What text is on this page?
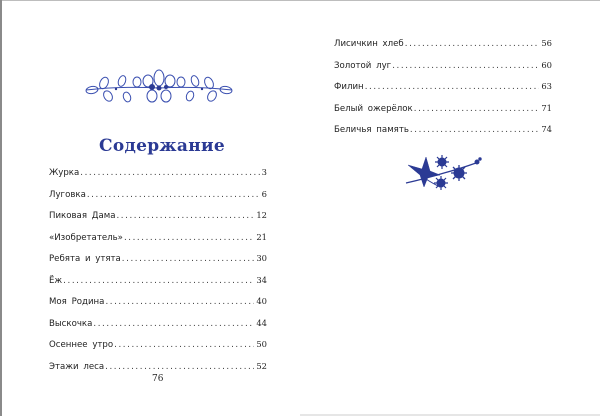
Содержание
Журка .....	3
Луговка .....	6
Пиковая Дама .....	12
«Изобретатель» .....	21
Ребята и утята .....	30
Ёж .....	34
Моя Родина .....	40
Выскочка .....	44
Осеннее утро .....	50
Этажи леса .....	52
76
Лисичкин хлеб .....	56
Золотой луг .....	60
Филин .....	63
Белый ожерёлок .....	71
Беличья память .....	74
